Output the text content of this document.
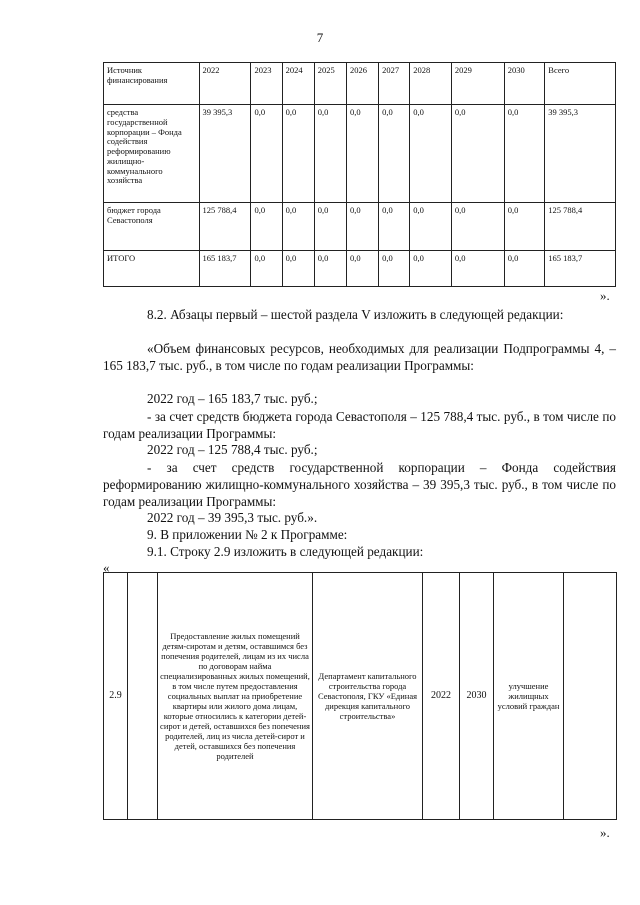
7
Источник финансирования	2022	2023	2024	2025	2026	2027	2028	2029	2030	Всего
средства государственной корпорации – Фонда содействия реформированию жилищно-коммунального хозяйства	39 395,3	0,0	0,0	0,0	0,0	0,0	0,0	0,0	0,0	39 395,3
бюджет города Севастополя	125 788,4	0,0	0,0	0,0	0,0	0,0	0,0	0,0	0,0	125 788,4
ИТОГО	165 183,7	0,0	0,0	0,0	0,0	0,0	0,0	0,0	0,0	165 183,7
».
8.2. Абзацы первый – шестой раздела V изложить в следующей редакции:
«Объем финансовых ресурсов, необходимых для реализации Подпрограммы 4, – 165 183,7 тыс. руб., в том числе по годам реализации Программы:
2022 год – 165 183,7 тыс. руб.;
- за счет средств бюджета города Севастополя – 125 788,4 тыс. руб., в том числе по годам реализации Программы:
2022 год – 125 788,4 тыс. руб.;
- за счет средств государственной корпорации – Фонда содействия реформированию жилищно-коммунального хозяйства – 39 395,3 тыс. руб., в том числе по годам реализации Программы:
2022 год – 39 395,3 тыс. руб.».
9. В приложении № 2 к Программе:
9.1. Строку 2.9 изложить в следующей редакции:
«
2.9		Предоставление жилых помещений детям-сиротам и детям, оставшимся без попечения родителей, лицам из их числа по договорам найма специализированных жилых помещений, в том числе путем предоставления социальных выплат на приобретение квартиры или жилого дома лицам, которые относились к категории детей-сирот и детей, оставшихся без попечения родителей, лиц из числа детей-сирот и детей, оставшихся без попечения родителей	Департамент капитального строительства города Севастополя, ГКУ «Единая дирекция капитального строительства»	2022	2030	улучшение жилищных условий граждан	
».
